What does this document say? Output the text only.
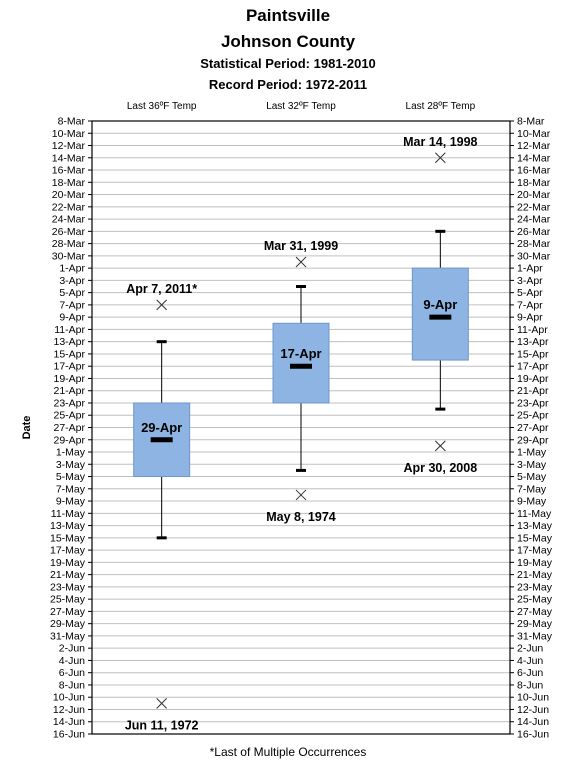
Paintsville
Johnson County
Statistical Period: 1981-2010
Record Period: 1972-2011
8-Mar	8-Mar
10-Mar	10-Mar
12-Mar	12-Mar
14-Mar	14-Mar
16-Mar	16-Mar
18-Mar	18-Mar
20-Mar	20-Mar
22-Mar	22-Mar
24-Mar	24-Mar
26-Mar	26-Mar
28-Mar	28-Mar
30-Mar	30-Mar
1-Apr	1-Apr
3-Apr	3-Apr
5-Apr	5-Apr
7-Apr	7-Apr
9-Apr	9-Apr
11-Apr	11-Apr
13-Apr	13-Apr
15-Apr	15-Apr
17-Apr	17-Apr
19-Apr	19-Apr
21-Apr	21-Apr
23-Apr	23-Apr
25-Apr	25-Apr
27-Apr	27-Apr
29-Apr	29-Apr
1-May	1-May
3-May	3-May
5-May	5-May
7-May	7-May
9-May	9-May
11-May	11-May
13-May	13-May
15-May	15-May
17-May	17-May
19-May	19-May
21-May	21-May
23-May	23-May
25-May	25-May
27-May	27-May
29-May	29-May
31-May	31-May
2-Jun	2-Jun
4-Jun	4-Jun
6-Jun	6-Jun
8-Jun	8-Jun
10-Jun	10-Jun
12-Jun	12-Jun
14-Jun	14-Jun
16-Jun	16-Jun
Date
Last 36ºF Temp
29-Apr
Apr 7, 2011*
Jun 11, 1972
Last 32ºF Temp
17-Apr
Mar 31, 1999
May 8, 1974
Last 28ºF Temp
9-Apr
Mar 14, 1998
Apr 30, 2008
*Last of Multiple Occurrences
